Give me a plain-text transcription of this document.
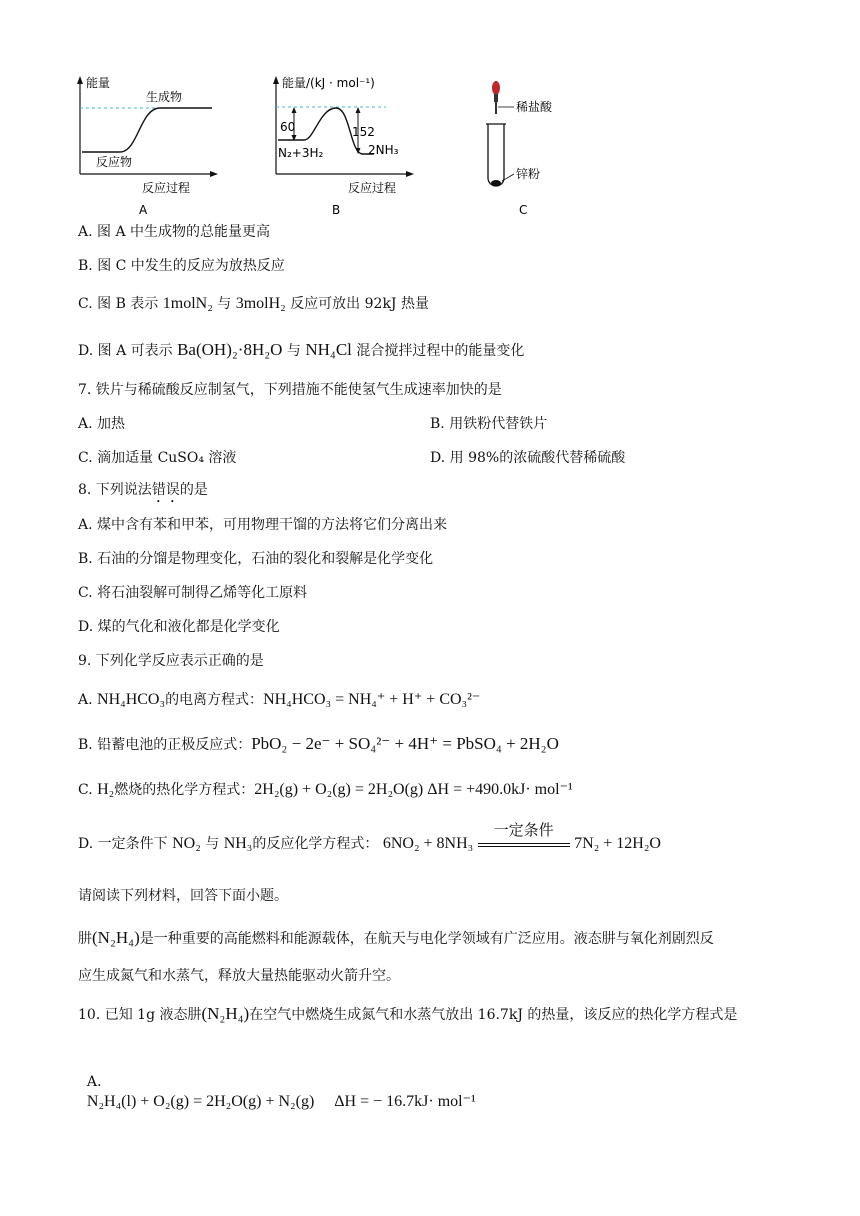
能量
生成物
反应物
反应过程
A
能量/(kJ · mol⁻¹)
60	152
N₂+3H₂	2NH₃
反应过程
B
稀盐酸
锌粉
C
A. 图 A 中生成物的总能量更高
B. 图 C 中发生的反应为放热反应
C. 图 B 表示 1molN₂ 与 3molH₂ 反应可放出 92kJ 热量
D. 图 A 可表示 Ba(OH)₂·8H₂O 与 NH₄Cl 混合搅拌过程中的能量变化
7. 铁片与稀硫酸反应制氢气，下列措施不能使氢气生成速率加快的是
A. 加热	B. 用铁粉代替铁片
C. 滴加适量 CuSO₄ 溶液	D. 用 98%的浓硫酸代替稀硫酸
8. 下列说法错误的是
A. 煤中含有苯和甲苯，可用物理干馏的方法将它们分离出来
B. 石油的分馏是物理变化，石油的裂化和裂解是化学变化
C. 将石油裂解可制得乙烯等化工原料
D. 煤的气化和液化都是化学变化
9. 下列化学反应表示正确的是
A. NH₄HCO₃的电离方程式：NH₄HCO₃ = NH₄⁺ + H⁺ + CO₃²⁻
B. 铅蓄电池的正极反应式：PbO₂ − 2e⁻ + SO₄²⁻ + 4H⁺ = PbSO₄ + 2H₂O
C. H₂燃烧的热化学方程式：2H₂(g) + O₂(g) = 2H₂O(g) ΔH = +490.0kJ· mol⁻¹
D. 一定条件下 NO₂ 与 NH₃的反应化学方程式： 6NO₂ + 8NH₃
一定条件
7N₂ + 12H₂O
请阅读下列材料，回答下面小题。
肼(N₂H₄)是一种重要的高能燃料和能源载体，在航天与电化学领域有广泛应用。液态肼与氧化剂剧烈反
应生成氮气和水蒸气，释放大量热能驱动火箭升空。
10. 已知 1g 液态肼(N₂H₄)在空气中燃烧生成氮气和水蒸气放出 16.7kJ 的热量，该反应的热化学方程式是

A.
N₂H₄(l) + O₂(g) = 2H₂O(g) + N₂(g)     ΔH = − 16.7kJ· mol⁻¹
